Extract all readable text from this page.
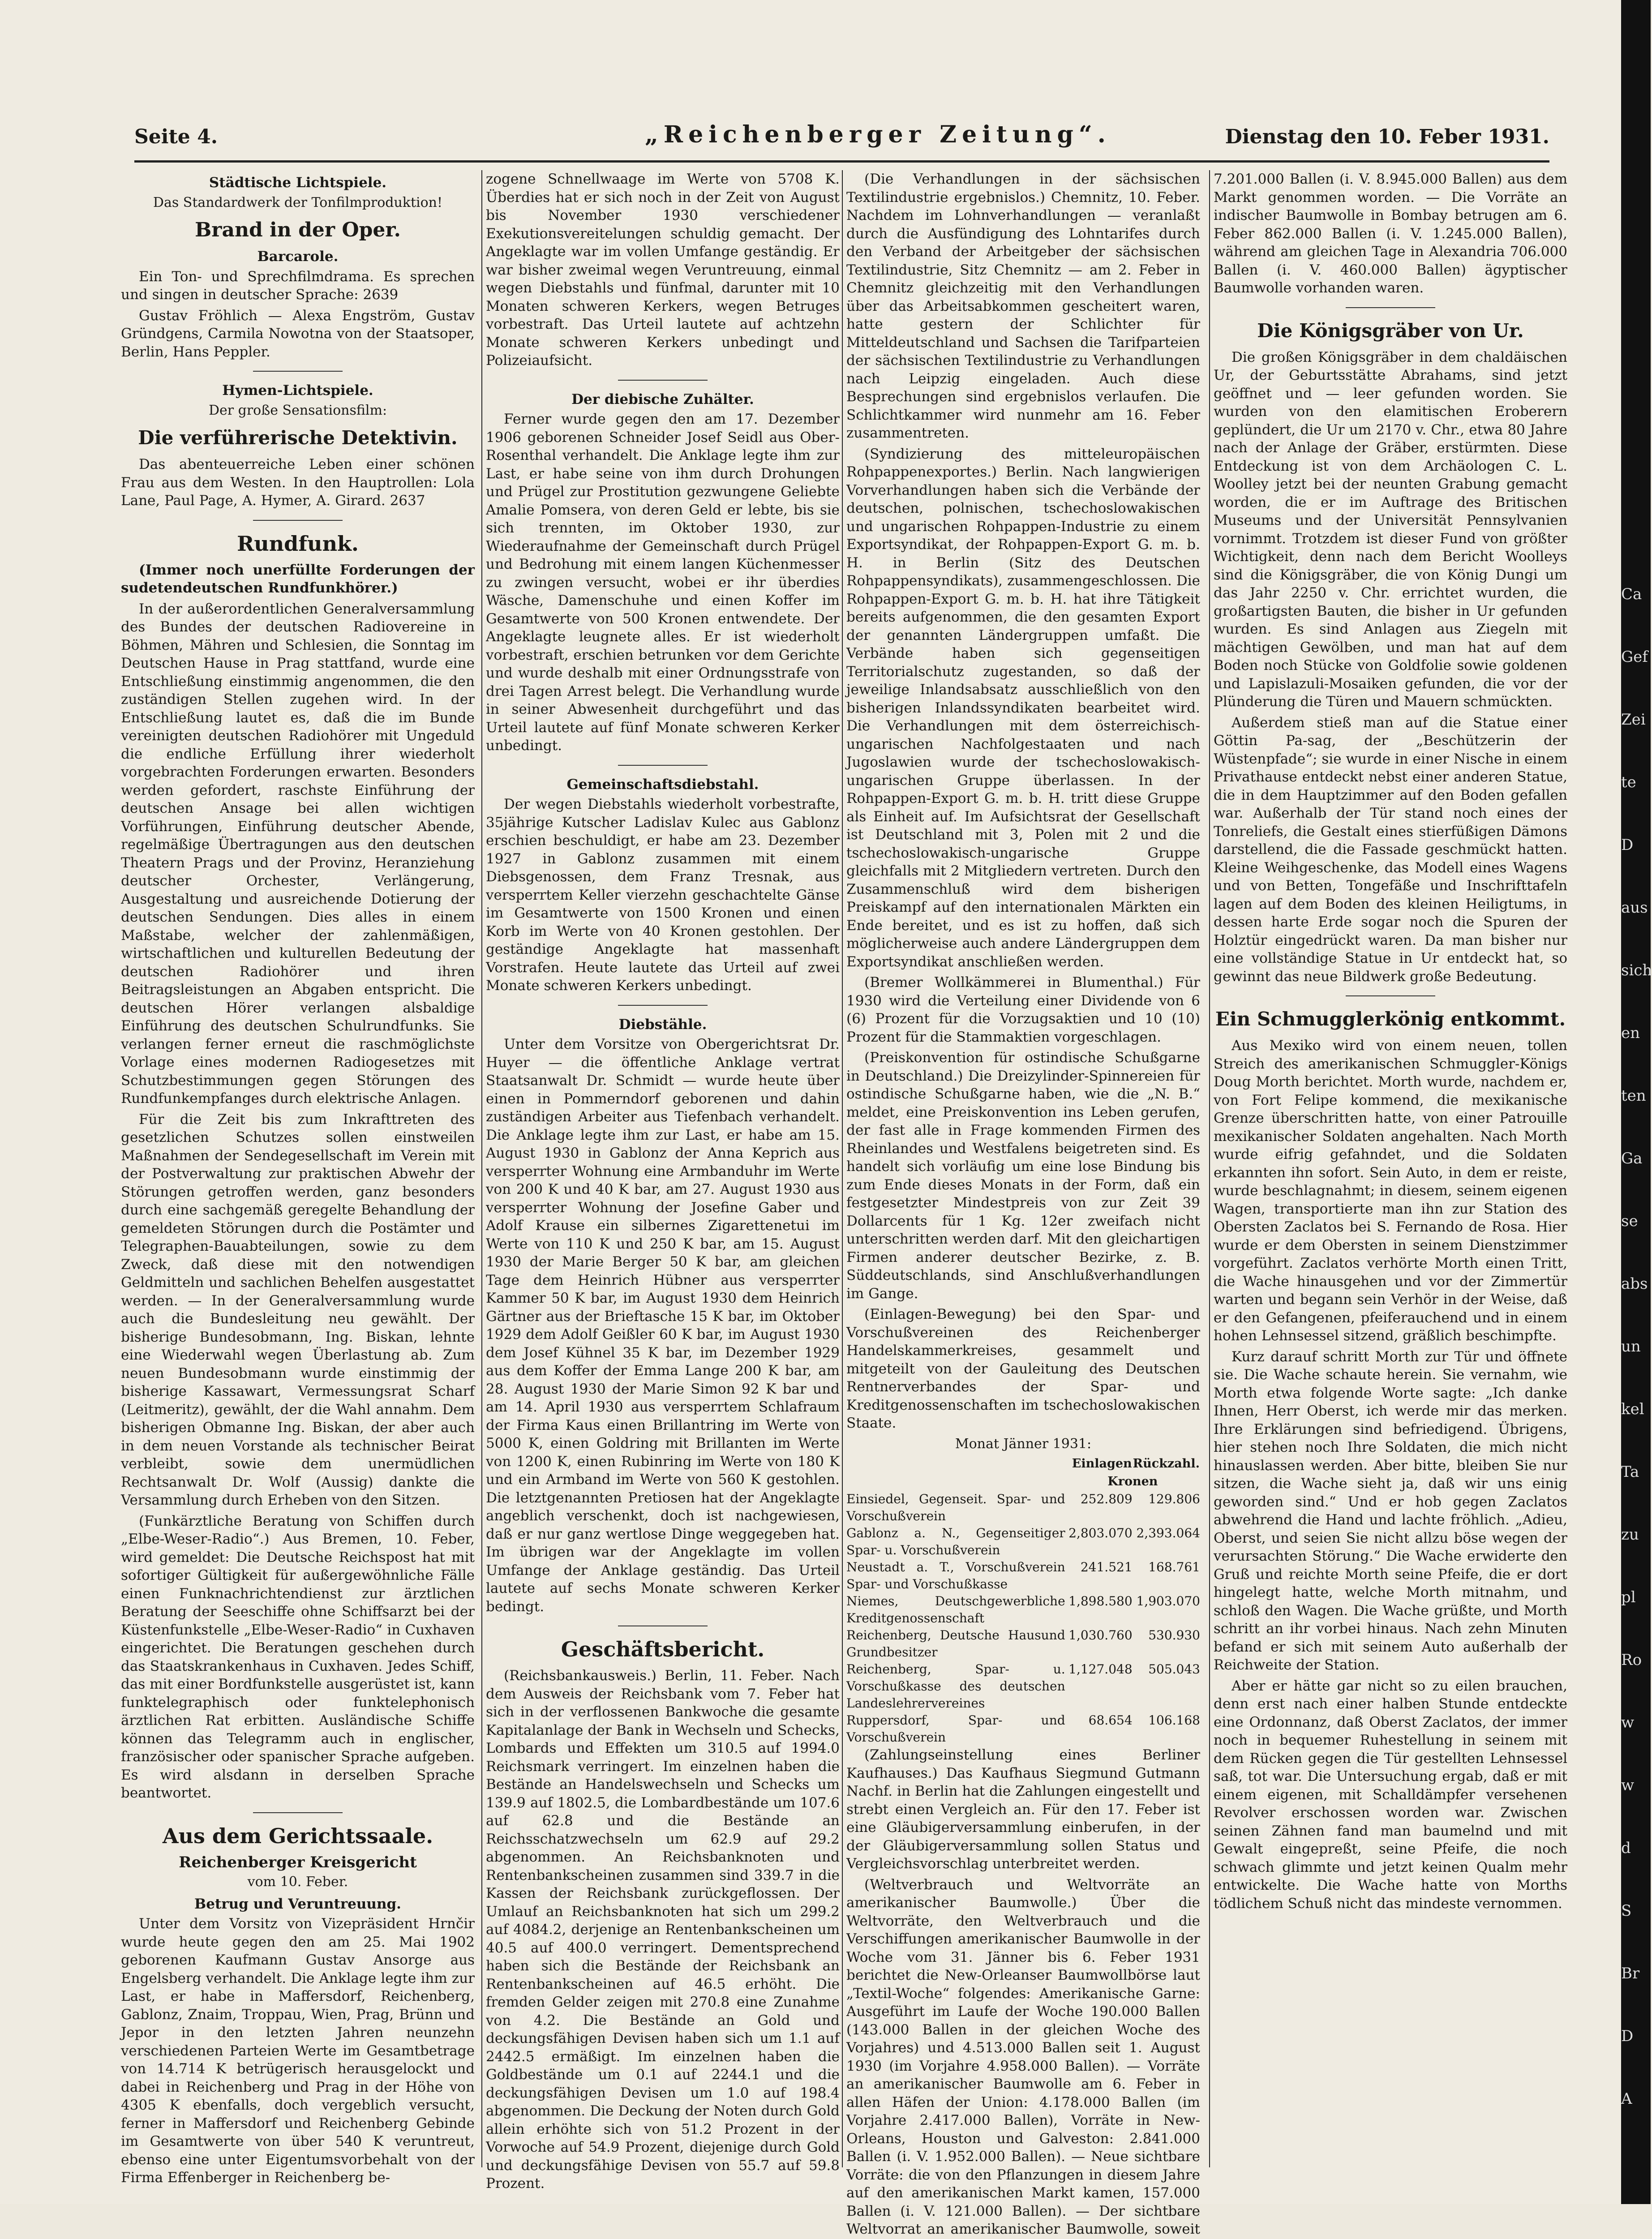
Seite 4.	„Reichenberger Zeitung“.	Dienstag den 10. Feber 1931.
Städtische Lichtspiele.
Das Standardwerk der Tonfilmproduktion!
Brand in der Oper.
Barcarole.

Ein Ton- und Sprechfilmdrama. Es sprechen und singen in deutscher Sprache: 2639

Gustav Fröhlich — Alexa Engström, Gustav Gründgens, Carmila Nowotna von der Staatsoper, Berlin, Hans Peppler.

Hymen-Lichtspiele.
Der große Sensationsfilm:
Die verführerische Detektivin.

Das abenteuerreiche Leben einer schönen Frau aus dem Westen. In den Hauptrollen: Lola Lane, Paul Page, A. Hymer, A. Girard. 2637

Rundfunk.

(Immer noch unerfüllte Forderungen der sudetendeutschen Rundfunkhörer.)

In der außerordentlichen Generalversammlung des Bundes der deutschen Radiovereine in Böhmen, Mähren und Schlesien, die Sonntag im Deutschen Hause in Prag stattfand, wurde eine Entschließung einstimmig angenommen, die den zuständigen Stellen zugehen wird. In der Entschließung lautet es, daß die im Bunde vereinigten deutschen Radiohörer mit Ungeduld die endliche Erfüllung ihrer wiederholt vorgebrachten Forderungen erwarten. Besonders werden gefordert, raschste Einführung der deutschen Ansage bei allen wichtigen Vorführungen, Einführung deutscher Abende, regelmäßige Übertragungen aus den deutschen Theatern Prags und der Provinz, Heranziehung deutscher Orchester, Verlängerung, Ausgestaltung und ausreichende Dotierung der deutschen Sendungen. Dies alles in einem Maßstabe, welcher der zahlenmäßigen, wirtschaftlichen und kulturellen Bedeutung der deutschen Radiohörer und ihren Beitragsleistungen an Abgaben entspricht. Die deutschen Hörer verlangen alsbaldige Einführung des deutschen Schulrundfunks. Sie verlangen ferner erneut die raschmöglichste Vorlage eines modernen Radiogesetzes mit Schutzbestimmungen gegen Störungen des Rundfunkempfanges durch elektrische Anlagen.

Für die Zeit bis zum Inkrafttreten des gesetzlichen Schutzes sollen einstweilen Maßnahmen der Sendegesellschaft im Verein mit der Postverwaltung zur praktischen Abwehr der Störungen getroffen werden, ganz besonders durch eine sachgemäß geregelte Behandlung der gemeldeten Störungen durch die Postämter und Telegraphen-Bauabteilungen, sowie zu dem Zweck, daß diese mit den notwendigen Geldmitteln und sachlichen Behelfen ausgestattet werden. — In der Generalversammlung wurde auch die Bundesleitung neu gewählt. Der bisherige Bundesobmann, Ing. Biskan, lehnte eine Wiederwahl wegen Überlastung ab. Zum neuen Bundesobmann wurde einstimmig der bisherige Kassawart, Vermessungsrat Scharf (Leitmeritz), gewählt, der die Wahl annahm. Dem bisherigen Obmanne Ing. Biskan, der aber auch in dem neuen Vorstande als technischer Beirat verbleibt, sowie dem unermüdlichen Rechtsanwalt Dr. Wolf (Aussig) dankte die Versammlung durch Erheben von den Sitzen.

(Funkärztliche Beratung von Schiffen durch „Elbe-Weser-Radio“.) Aus Bremen, 10. Feber, wird gemeldet: Die Deutsche Reichspost hat mit sofortiger Gültigkeit für außergewöhnliche Fälle einen Funknachrichtendienst zur ärztlichen Beratung der Seeschiffe ohne Schiffsarzt bei der Küstenfunkstelle „Elbe-Weser-Radio“ in Cuxhaven eingerichtet. Die Beratungen geschehen durch das Staatskrankenhaus in Cuxhaven. Jedes Schiff, das mit einer Bordfunkstelle ausgerüstet ist, kann funktelegraphisch oder funktelephonisch ärztlichen Rat erbitten. Ausländische Schiffe können das Telegramm auch in englischer, französischer oder spanischer Sprache aufgeben. Es wird alsdann in derselben Sprache beantwortet.

Aus dem Gerichtssaale.
Reichenberger Kreisgericht
vom 10. Feber.
Betrug und Veruntreuung.

Unter dem Vorsitz von Vizepräsident Hrnčir wurde heute gegen den am 25. Mai 1902 geborenen Kaufmann Gustav Ansorge aus Engelsberg verhandelt. Die Anklage legte ihm zur Last, er habe in Maffersdorf, Reichenberg, Gablonz, Znaim, Troppau, Wien, Prag, Brünn und Jepor in den letzten Jahren neunzehn verschiedenen Parteien Werte im Gesamtbetrage von 14.714 K betrügerisch herausgelockt und dabei in Reichenberg und Prag in der Höhe von 4305 K ebenfalls, doch vergeblich versucht, ferner in Maffersdorf und Reichenberg Gebinde im Gesamtwerte von über 540 K veruntreut, ebenso eine unter Eigentumsvorbehalt von der Firma Effenberger in Reichenberg be-

zogene Schnellwaage im Werte von 5708 K. Überdies hat er sich noch in der Zeit von August bis November 1930 verschiedener Exekutionsvereitelungen schuldig gemacht. Der Angeklagte war im vollen Umfange geständig. Er war bisher zweimal wegen Veruntreuung, einmal wegen Diebstahls und fünfmal, darunter mit 10 Monaten schweren Kerkers, wegen Betruges vorbestraft. Das Urteil lautete auf achtzehn Monate schweren Kerkers unbedingt und Polizeiaufsicht.

Der diebische Zuhälter.

Ferner wurde gegen den am 17. Dezember 1906 geborenen Schneider Josef Seidl aus Ober-Rosenthal verhandelt. Die Anklage legte ihm zur Last, er habe seine von ihm durch Drohungen und Prügel zur Prostitution gezwungene Geliebte Amalie Pomsera, von deren Geld er lebte, bis sie sich trennten, im Oktober 1930, zur Wiederaufnahme der Gemeinschaft durch Prügel und Bedrohung mit einem langen Küchenmesser zu zwingen versucht, wobei er ihr überdies Wäsche, Damenschuhe und einen Koffer im Gesamtwerte von 500 Kronen entwendete. Der Angeklagte leugnete alles. Er ist wiederholt vorbestraft, erschien betrunken vor dem Gerichte und wurde deshalb mit einer Ordnungsstrafe von drei Tagen Arrest belegt. Die Verhandlung wurde in seiner Abwesenheit durchgeführt und das Urteil lautete auf fünf Monate schweren Kerker unbedingt.

Gemeinschaftsdiebstahl.

Der wegen Diebstahls wiederholt vorbestrafte, 35jährige Kutscher Ladislav Kulec aus Gablonz erschien beschuldigt, er habe am 23. Dezember 1927 in Gablonz zusammen mit einem Diebsgenossen, dem Franz Tresnak, aus versperrtem Keller vierzehn geschachtelte Gänse im Gesamtwerte von 1500 Kronen und einen Korb im Werte von 40 Kronen gestohlen. Der geständige Angeklagte hat massenhaft Vorstrafen. Heute lautete das Urteil auf zwei Monate schweren Kerkers unbedingt.

Diebstähle.

Unter dem Vorsitze von Obergerichtsrat Dr. Huyer — die öffentliche Anklage vertrat Staatsanwalt Dr. Schmidt — wurde heute über einen in Pommerndorf geborenen und dahin zuständigen Arbeiter aus Tiefenbach verhandelt. Die Anklage legte ihm zur Last, er habe am 15. August 1930 in Gablonz der Anna Keprich aus versperrter Wohnung eine Armbanduhr im Werte von 200 K und 40 K bar, am 27. August 1930 aus versperrter Wohnung der Josefine Gaber und Adolf Krause ein silbernes Zigarettenetui im Werte von 110 K und 250 K bar, am 15. August 1930 der Marie Berger 50 K bar, am gleichen Tage dem Heinrich Hübner aus versperrter Kammer 50 K bar, im August 1930 dem Heinrich Gärtner aus der Brieftasche 15 K bar, im Oktober 1929 dem Adolf Geißler 60 K bar, im August 1930 dem Josef Kühnel 35 K bar, im Dezember 1929 aus dem Koffer der Emma Lange 200 K bar, am 28. August 1930 der Marie Simon 92 K bar und am 14. April 1930 aus versperrtem Schlafraum der Firma Kaus einen Brillantring im Werte von 5000 K, einen Goldring mit Brillanten im Werte von 1200 K, einen Rubinring im Werte von 180 K und ein Armband im Werte von 560 K gestohlen. Die letztgenannten Pretiosen hat der Angeklagte angeblich verschenkt, doch ist nachgewiesen, daß er nur ganz wertlose Dinge weggegeben hat. Im übrigen war der Angeklagte im vollen Umfange der Anklage geständig. Das Urteil lautete auf sechs Monate schweren Kerker bedingt.

Geschäftsbericht.

(Reichsbankausweis.) Berlin, 11. Feber. Nach dem Ausweis der Reichsbank vom 7. Feber hat sich in der verflossenen Bankwoche die gesamte Kapitalanlage der Bank in Wechseln und Schecks, Lombards und Effekten um 310.5 auf 1994.0 Reichsmark verringert. Im einzelnen haben die Bestände an Handelswechseln und Schecks um 139.9 auf 1802.5, die Lombardbestände um 107.6 auf 62.8 und die Bestände an Reichsschatzwechseln um 62.9 auf 29.2 abgenommen. An Reichsbanknoten und Rentenbankscheinen zusammen sind 339.7 in die Kassen der Reichsbank zurückgeflossen. Der Umlauf an Reichsbanknoten hat sich um 299.2 auf 4084.2, derjenige an Rentenbankscheinen um 40.5 auf 400.0 verringert. Dementsprechend haben sich die Bestände der Reichsbank an Rentenbankscheinen auf 46.5 erhöht. Die fremden Gelder zeigen mit 270.8 eine Zunahme von 4.2. Die Bestände an Gold und deckungsfähigen Devisen haben sich um 1.1 auf 2442.5 ermäßigt. Im einzelnen haben die Goldbestände um 0.1 auf 2244.1 und die deckungsfähigen Devisen um 1.0 auf 198.4 abgenommen. Die Deckung der Noten durch Gold allein erhöhte sich von 51.2 Prozent in der Vorwoche auf 54.9 Prozent, diejenige durch Gold und deckungsfähige Devisen von 55.7 auf 59.8 Prozent.

(Die Verhandlungen in der sächsischen Textilindustrie ergebnislos.) Chemnitz, 10. Feber. Nachdem im Lohnverhandlungen — veranlaßt durch die Ausfündigung des Lohntarifes durch den Verband der Arbeitgeber der sächsischen Textilindustrie, Sitz Chemnitz — am 2. Feber in Chemnitz gleichzeitig mit den Verhandlungen über das Arbeitsabkommen gescheitert waren, hatte gestern der Schlichter für Mitteldeutschland und Sachsen die Tarifparteien der sächsischen Textilindustrie zu Verhandlungen nach Leipzig eingeladen. Auch diese Besprechungen sind ergebnislos verlaufen. Die Schlichtkammer wird nunmehr am 16. Feber zusammentreten.

(Syndizierung des mitteleuropäischen Rohpappenexportes.) Berlin. Nach langwierigen Vorverhandlungen haben sich die Verbände der deutschen, polnischen, tschechoslowakischen und ungarischen Rohpappen-Industrie zu einem Exportsyndikat, der Rohpappen-Export G. m. b. H. in Berlin (Sitz des Deutschen Rohpappensyndikats), zusammengeschlossen. Die Rohpappen-Export G. m. b. H. hat ihre Tätigkeit bereits aufgenommen, die den gesamten Export der genannten Ländergruppen umfaßt. Die Verbände haben sich gegenseitigen Territorialschutz zugestanden, so daß der jeweilige Inlandsabsatz ausschließlich von den bisherigen Inlandssyndikaten bearbeitet wird. Die Verhandlungen mit dem österreichisch-ungarischen Nachfolgestaaten und nach Jugoslawien wurde der tschechoslowakisch-ungarischen Gruppe überlassen. In der Rohpappen-Export G. m. b. H. tritt diese Gruppe als Einheit auf. Im Aufsichtsrat der Gesellschaft ist Deutschland mit 3, Polen mit 2 und die tschechoslowakisch-ungarische Gruppe gleichfalls mit 2 Mitgliedern vertreten. Durch den Zusammenschluß wird dem bisherigen Preiskampf auf den internationalen Märkten ein Ende bereitet, und es ist zu hoffen, daß sich möglicherweise auch andere Ländergruppen dem Exportsyndikat anschließen werden.

(Bremer Wollkämmerei in Blumenthal.) Für 1930 wird die Verteilung einer Dividende von 6 (6) Prozent für die Vorzugsaktien und 10 (10) Prozent für die Stammaktien vorgeschlagen.

(Preiskonvention für ostindische Schußgarne in Deutschland.) Die Dreizylinder-Spinnereien für ostindische Schußgarne haben, wie die „N. B.“ meldet, eine Preiskonvention ins Leben gerufen, der fast alle in Frage kommenden Firmen des Rheinlandes und Westfalens beigetreten sind. Es handelt sich vorläufig um eine lose Bindung bis zum Ende dieses Monats in der Form, daß ein festgesetzter Mindestpreis von zur Zeit 39 Dollarcents für 1 Kg. 12er zweifach nicht unterschritten werden darf. Mit den gleichartigen Firmen anderer deutscher Bezirke, z. B. Süddeutschlands, sind Anschlußverhandlungen im Gange.

(Einlagen-Bewegung) bei den Spar- und Vorschußvereinen des Reichenberger Handelskammerkreises, gesammelt und mitgeteilt von der Gauleitung des Deutschen Rentnerverbandes der Spar- und Kreditgenossenschaften im tschechoslowakischen Staate.

Monat Jänner 1931:
	Einlagen	Rückzahl.
	Kronen	
Einsiedel, Gegenseit. Spar- und Vorschußverein	252.809	129.806
Gablonz a. N., Gegenseitiger Spar- u. Vorschußverein	2,803.070	2,393.064
Neustadt a. T., Vorschußverein Spar- und Vorschußkasse	241.521	168.761
Niemes, Deutschgewerbliche Kreditgenossenschaft	1,898.580	1,903.070
Reichenberg, Deutsche Hausund Grundbesitzer	1,030.760	530.930
Reichenberg, Spar- u. Vorschußkasse des deutschen Landeslehrervereines	1,127.048	505.043
Ruppersdorf, Spar- und Vorschußverein	68.654	106.168

(Zahlungseinstellung eines Berliner Kaufhauses.) Das Kaufhaus Siegmund Gutmann Nachf. in Berlin hat die Zahlungen eingestellt und strebt einen Vergleich an. Für den 17. Feber ist eine Gläubigerversammlung einberufen, in der der Gläubigerversammlung sollen Status und Vergleichsvorschlag unterbreitet werden.

(Weltverbrauch und Weltvorräte an amerikanischer Baumwolle.) Über die Weltvorräte, den Weltverbrauch und die Verschiffungen amerikanischer Baumwolle in der Woche vom 31. Jänner bis 6. Feber 1931 berichtet die New-Orleanser Baumwollbörse laut „Textil-Woche“ folgendes: Amerikanische Garne: Ausgeführt im Laufe der Woche 190.000 Ballen (143.000 Ballen in der gleichen Woche des Vorjahres) und 4.513.000 Ballen seit 1. August 1930 (im Vorjahre 4.958.000 Ballen). — Vorräte an amerikanischer Baumwolle am 6. Feber in allen Häfen der Union: 4.178.000 Ballen (im Vorjahre 2.417.000 Ballen), Vorräte in New-Orleans, Houston und Galveston: 2.841.000 Ballen (i. V. 1.952.000 Ballen). — Neue sichtbare Vorräte: die von den Pflanzungen in diesem Jahre auf den amerikanischen Markt kamen, 157.000 Ballen (i. V. 121.000 Ballen). — Der sichtbare Weltvorrat an amerikanischer Baumwolle, soweit

7.201.000 Ballen (i. V. 8.945.000 Ballen) aus dem Markt genommen worden. — Die Vorräte an indischer Baumwolle in Bombay betrugen am 6. Feber 862.000 Ballen (i. V. 1.245.000 Ballen), während am gleichen Tage in Alexandria 706.000 Ballen (i. V. 460.000 Ballen) ägyptischer Baumwolle vorhanden waren.

Die Königsgräber von Ur.

Die großen Königsgräber in dem chaldäischen Ur, der Geburtsstätte Abrahams, sind jetzt geöffnet und — leer gefunden worden. Sie wurden von den elamitischen Eroberern geplündert, die Ur um 2170 v. Chr., etwa 80 Jahre nach der Anlage der Gräber, erstürmten. Diese Entdeckung ist von dem Archäologen C. L. Woolley jetzt bei der neunten Grabung gemacht worden, die er im Auftrage des Britischen Museums und der Universität Pennsylvanien vornimmt. Trotzdem ist dieser Fund von größter Wichtigkeit, denn nach dem Bericht Woolleys sind die Königsgräber, die von König Dungi um das Jahr 2250 v. Chr. errichtet wurden, die großartigsten Bauten, die bisher in Ur gefunden wurden. Es sind Anlagen aus Ziegeln mit mächtigen Gewölben, und man hat auf dem Boden noch Stücke von Goldfolie sowie goldenen und Lapislazuli-Mosaiken gefunden, die vor der Plünderung die Türen und Mauern schmückten.

Außerdem stieß man auf die Statue einer Göttin Pa-sag, der „Beschützerin der Wüstenpfade“; sie wurde in einer Nische in einem Privathause entdeckt nebst einer anderen Statue, die in dem Hauptzimmer auf den Boden gefallen war. Außerhalb der Tür stand noch eines der Tonreliefs, die Gestalt eines stierfüßigen Dämons darstellend, die die Fassade geschmückt hatten. Kleine Weihgeschenke, das Modell eines Wagens und von Betten, Tongefäße und Inschrifttafeln lagen auf dem Boden des kleinen Heiligtums, in dessen harte Erde sogar noch die Spuren der Holztür eingedrückt waren. Da man bisher nur eine vollständige Statue in Ur entdeckt hat, so gewinnt das neue Bildwerk große Bedeutung.

Ein Schmugglerkönig entkommt.

Aus Mexiko wird von einem neuen, tollen Streich des amerikanischen Schmuggler-Königs Doug Morth berichtet. Morth wurde, nachdem er, von Fort Felipe kommend, die mexikanische Grenze überschritten hatte, von einer Patrouille mexikanischer Soldaten angehalten. Nach Morth wurde eifrig gefahndet, und die Soldaten erkannten ihn sofort. Sein Auto, in dem er reiste, wurde beschlagnahmt; in diesem, seinem eigenen Wagen, transportierte man ihn zur Station des Obersten Zaclatos bei S. Fernando de Rosa. Hier wurde er dem Obersten in seinem Dienstzimmer vorgeführt. Zaclatos verhörte Morth einen Tritt, die Wache hinausgehen und vor der Zimmertür warten und begann sein Verhör in der Weise, daß er den Gefangenen, pfeiferauchend und in einem hohen Lehnsessel sitzend, gräßlich beschimpfte.

Kurz darauf schritt Morth zur Tür und öffnete sie. Die Wache schaute herein. Sie vernahm, wie Morth etwa folgende Worte sagte: „Ich danke Ihnen, Herr Oberst, ich werde mir das merken. Ihre Erklärungen sind befriedigend. Übrigens, hier stehen noch Ihre Soldaten, die mich nicht hinauslassen werden. Aber bitte, bleiben Sie nur sitzen, die Wache sieht ja, daß wir uns einig geworden sind.“ Und er hob gegen Zaclatos abwehrend die Hand und lachte fröhlich. „Adieu, Oberst, und seien Sie nicht allzu böse wegen der verursachten Störung.“ Die Wache erwiderte den Gruß und reichte Morth seine Pfeife, die er dort hingelegt hatte, welche Morth mitnahm, und schloß den Wagen. Die Wache grüßte, und Morth schritt an ihr vorbei hinaus. Nach zehn Minuten befand er sich mit seinem Auto außerhalb der Reichweite der Station.

Aber er hätte gar nicht so zu eilen brauchen, denn erst nach einer halben Stunde entdeckte eine Ordonnanz, daß Oberst Zaclatos, der immer noch in bequemer Ruhestellung in seinem mit dem Rücken gegen die Tür gestellten Lehnsessel saß, tot war. Die Untersuchung ergab, daß er mit einem eigenen, mit Schalldämpfer versehenen Revolver erschossen worden war. Zwischen seinen Zähnen fand man baumelnd und mit Gewalt eingepreßt, seine Pfeife, die noch schwach glimmte und jetzt keinen Qualm mehr entwickelte. Die Wache hatte von Morths tödlichem Schuß nicht das mindeste vernommen.

Ca
Gef
Zei
te
D
aus
sich
en
ten
Ga
se
abs
un
kel
Ta
zu
pl
Ro
w
w
d
S
Br
D
A
